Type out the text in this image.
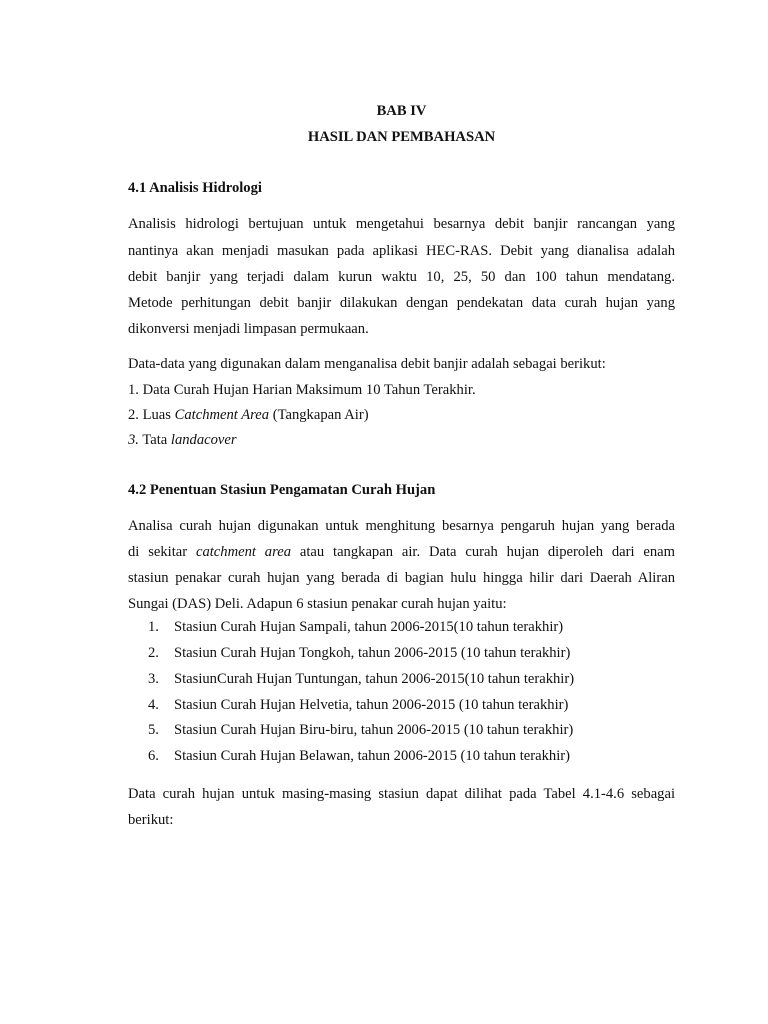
BAB IV
HASIL DAN PEMBAHASAN
4.1 Analisis Hidrologi
Analisis hidrologi bertujuan untuk mengetahui besarnya debit banjir rancangan yang
nantinya akan menjadi masukan pada aplikasi HEC-RAS. Debit yang dianalisa adalah
debit banjir yang terjadi dalam kurun waktu 10, 25, 50 dan 100 tahun mendatang.
Metode perhitungan debit banjir dilakukan dengan pendekatan data curah hujan yang
dikonversi menjadi limpasan permukaan.
Data-data yang digunakan dalam menganalisa debit banjir adalah sebagai berikut:
1. Data Curah Hujan Harian Maksimum 10 Tahun Terakhir.
2. Luas Catchment Area (Tangkapan Air)
3. Tata landacover
4.2 Penentuan Stasiun Pengamatan Curah Hujan
Analisa curah hujan digunakan untuk menghitung besarnya pengaruh hujan yang berada
di sekitar catchment area atau tangkapan air. Data curah hujan diperoleh dari enam
stasiun penakar curah hujan yang berada di bagian hulu hingga hilir dari Daerah Aliran
Sungai (DAS) Deli. Adapun 6 stasiun penakar curah hujan yaitu:
1. Stasiun Curah Hujan Sampali, tahun 2006-2015(10 tahun terakhir)
2. Stasiun Curah Hujan Tongkoh, tahun 2006-2015 (10 tahun terakhir)
3. StasiunCurah Hujan Tuntungan, tahun 2006-2015(10 tahun terakhir)
4. Stasiun Curah Hujan Helvetia, tahun 2006-2015 (10 tahun terakhir)
5. Stasiun Curah Hujan Biru-biru, tahun 2006-2015 (10 tahun terakhir)
6. Stasiun Curah Hujan Belawan, tahun 2006-2015 (10 tahun terakhir)
Data curah hujan untuk masing-masing stasiun dapat dilihat pada Tabel 4.1-4.6 sebagai
berikut:
